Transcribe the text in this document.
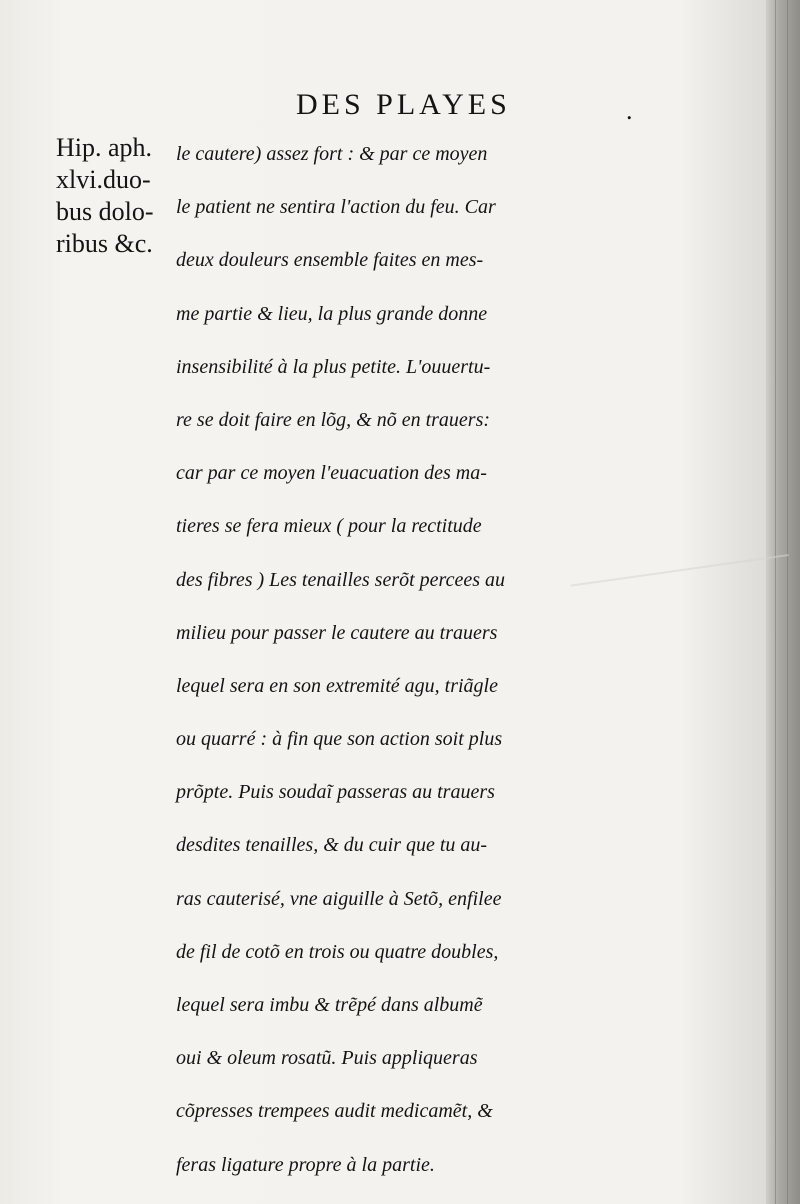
DES PLAYES	.
Hip. aph.
xlvi.duo-
bus dolo-
ribus &c.
le cautere) assez fort : & par ce moyen
le patient ne sentira l'action du feu. Car
deux douleurs ensemble faites en mes-
me partie & lieu, la plus grande donne
insensibilité à la plus petite. L'ouuertu-
re se doit faire en lõg, & nõ en trauers:
car par ce moyen l'euacuation des ma-
tieres se fera mieux ( pour la rectitude
des fibres ) Les tenailles serõt percees au
milieu pour passer le cautere au trauers
lequel sera en son extremité agu, triãgle
ou quarré : à fin que son action soit plus
prõpte. Puis soudaĩ passeras au trauers
desdites tenailles, & du cuir que tu au-
ras cauterisé, vne aiguille à Setõ, enfilee
de fil de cotõ en trois ou quatre doubles,
lequel sera imbu & trẽpé dans albumẽ
oui & oleum rosatũ. Puis appliqueras
cõpresses trempees audit medicamẽt, &
feras ligature propre à la partie.
